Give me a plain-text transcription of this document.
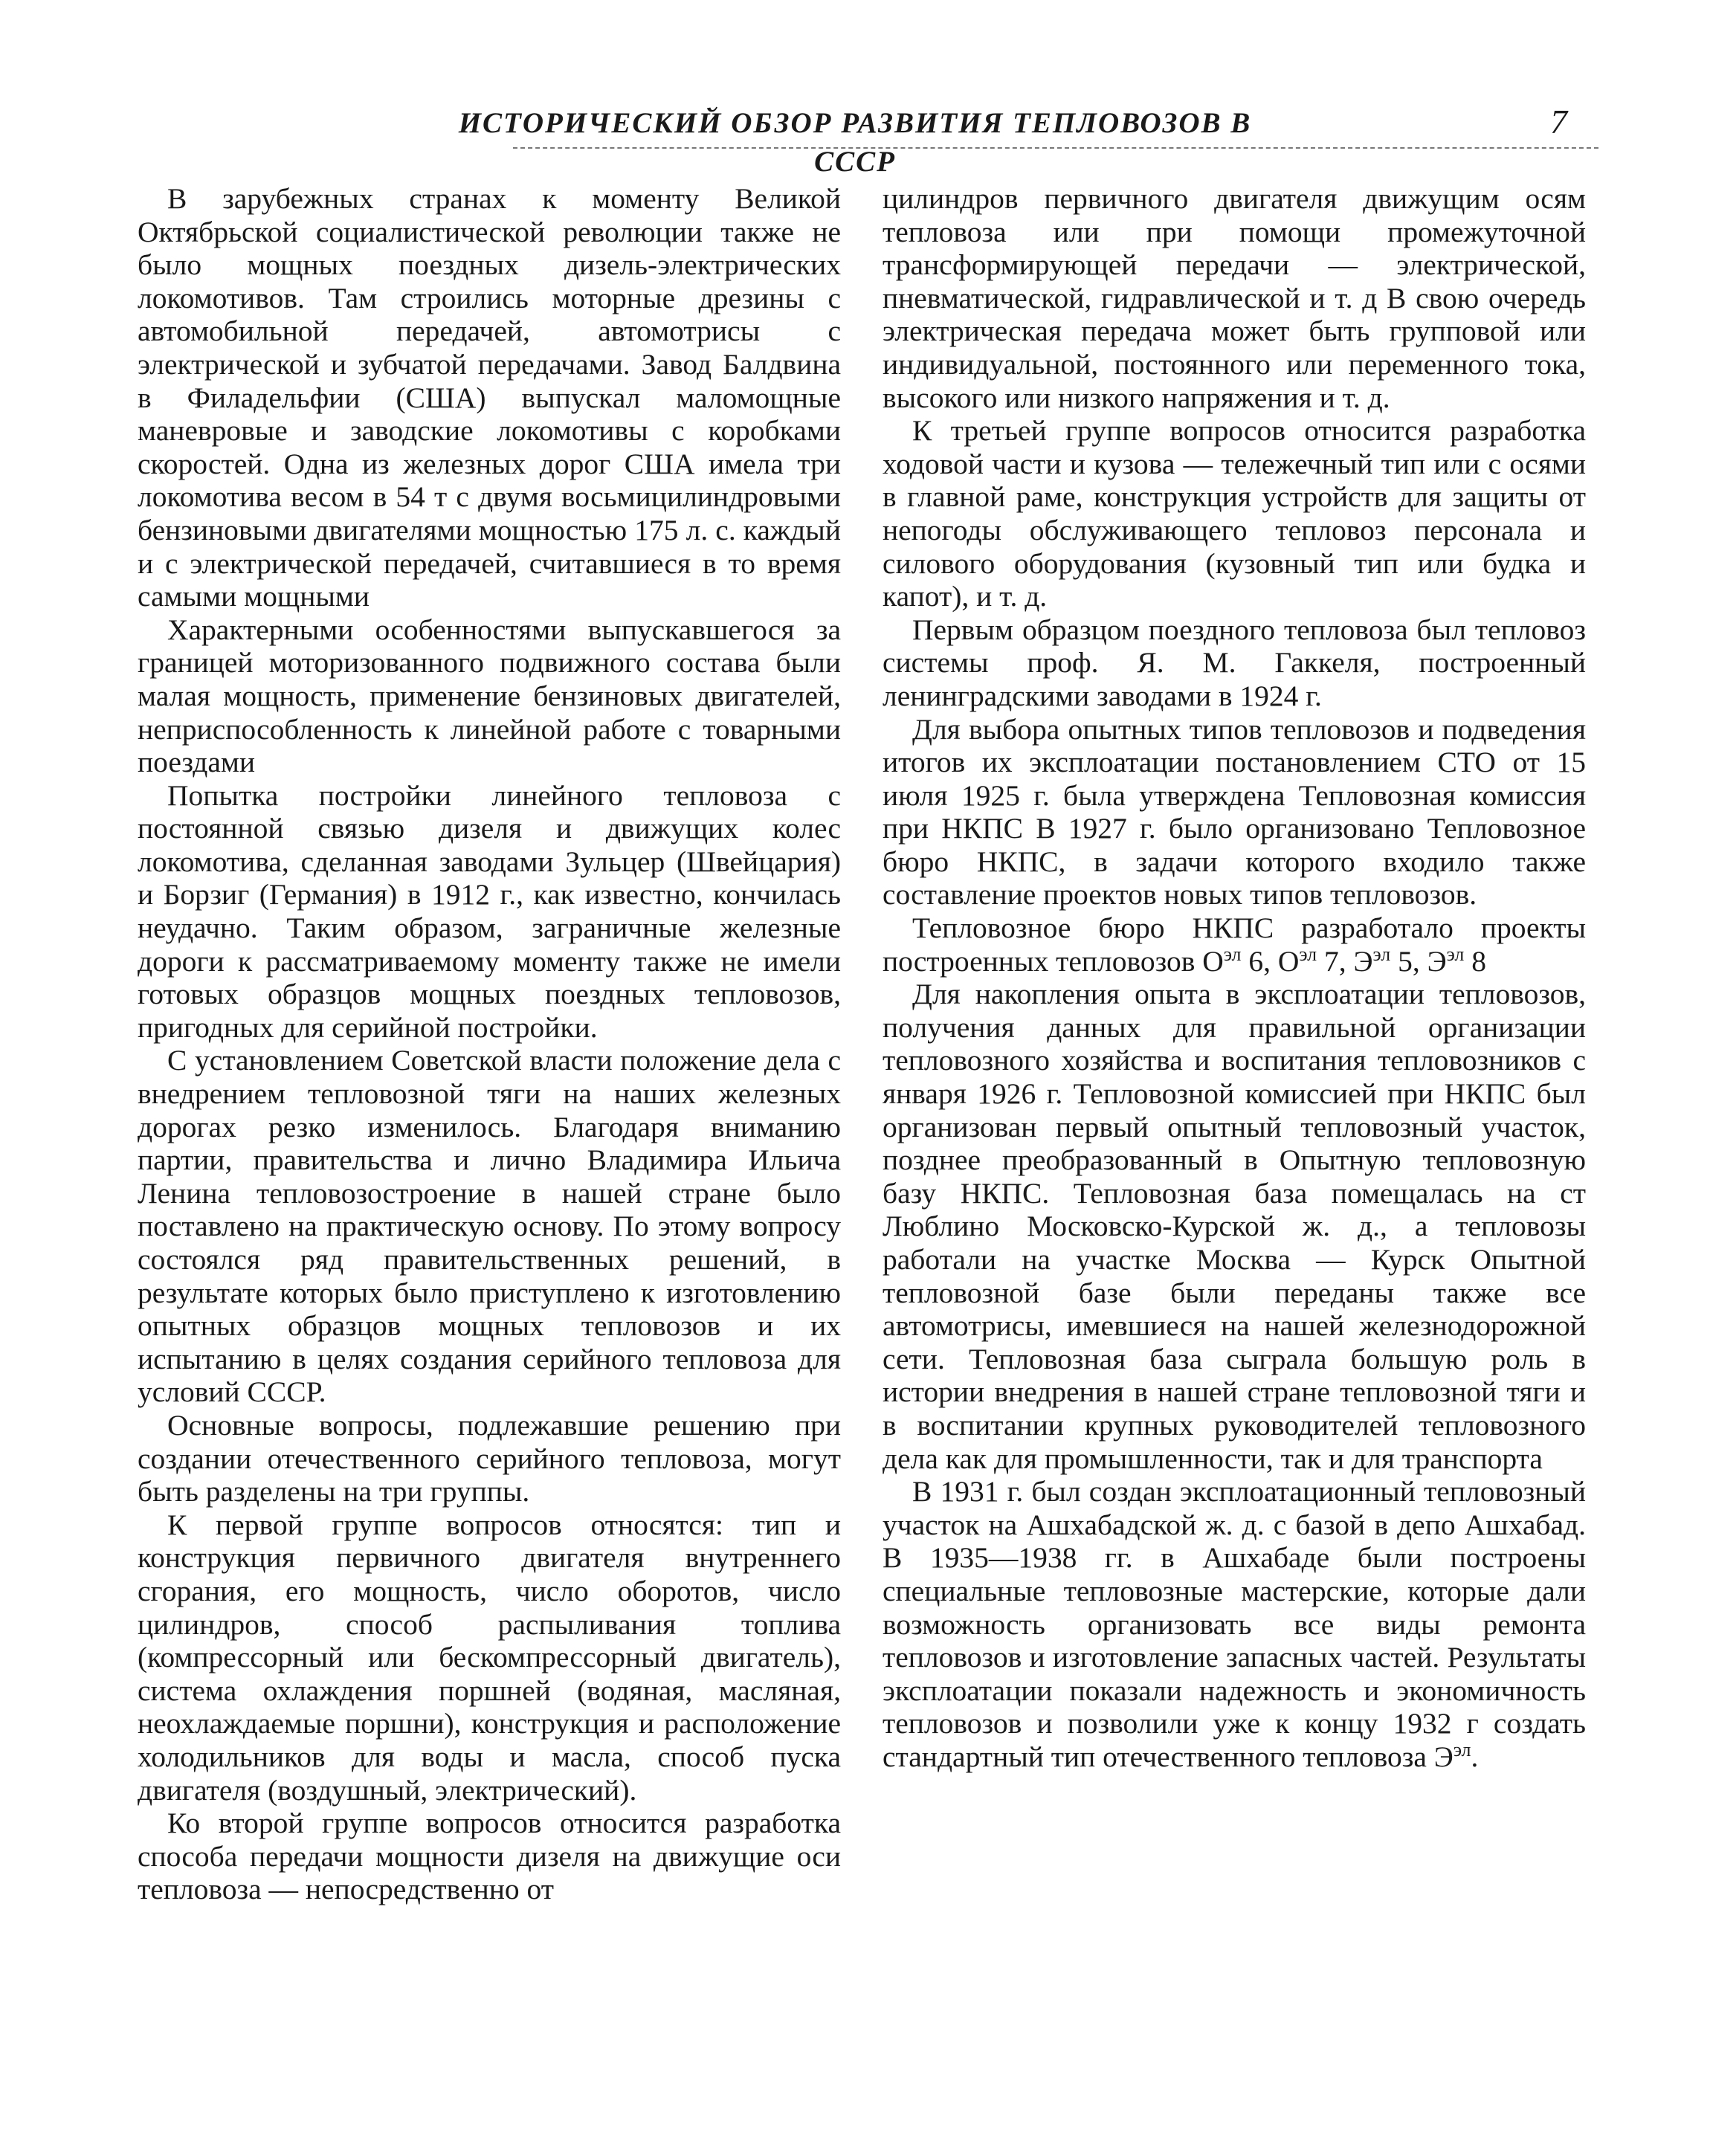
ИСТОРИЧЕСКИЙ ОБЗОР РАЗВИТИЯ ТЕПЛОВОЗОВ В СССР
7

В зарубежных странах к моменту Великой Октябрьской социалистической революции также не было мощных поездных дизель-электрических локомотивов. Там строились моторные дрезины с автомобильной передачей, автомотрисы с электрической и зубчатой передачами. Завод Балдвина в Филадельфии (США) выпускал маломощные маневровые и заводские локомотивы с коробками скоростей. Одна из железных дорог США имела три локомотива весом в 54 т с двумя восьмицилиндровыми бензиновыми двигателями мощностью 175 л. с. каждый и с электрической передачей, считавшиеся в то время самыми мощными

Характерными особенностями выпускавшегося за границей моторизованного подвижного состава были малая мощность, применение бензиновых двигателей, неприспособленность к линейной работе с товарными поездами

Попытка постройки линейного тепловоза с постоянной связью дизеля и движущих колес локомотива, сделанная заводами Зульцер (Швейцария) и Борзиг (Германия) в 1912 г., как известно, кончилась неудачно. Таким образом, заграничные железные дороги к рассматриваемому моменту также не имели готовых образцов мощных поездных тепловозов, пригодных для серийной постройки.

С установлением Советской власти положение дела с внедрением тепловозной тяги на наших железных дорогах резко изменилось. Благодаря вниманию партии, правительства и лично Владимира Ильича Ленина тепловозостроение в нашей стране было поставлено на практическую основу. По этому вопросу состоялся ряд правительственных решений, в результате которых было приступлено к изготовлению опытных образцов мощных тепловозов и их испытанию в целях создания серийного тепловоза для условий СССР.

Основные вопросы, подлежавшие решению при создании отечественного серийного тепловоза, могут быть разделены на три группы.

К первой группе вопросов относятся: тип и конструкция первичного двигателя внутреннего сгорания, его мощность, число оборотов, число цилиндров, способ распыливания топлива (компрессорный или бескомпрессорный двигатель), система охлаждения поршней (водяная, масляная, неохлаждаемые поршни), конструкция и расположение холодильников для воды и масла, способ пуска двигателя (воздушный, электрический).

Ко второй группе вопросов относится разработка способа передачи мощности дизеля на движущие оси тепловоза — непосредственно от

цилиндров первичного двигателя движущим осям тепловоза или при помощи промежуточной трансформирующей передачи — электрической, пневматической, гидравлической и т. д В свою очередь электрическая передача может быть групповой или индивидуальной, постоянного или переменного тока, высокого или низкого напряжения и т. д.

К третьей группе вопросов относится разработка ходовой части и кузова — тележечный тип или с осями в главной раме, конструкция устройств для защиты от непогоды обслуживающего тепловоз персонала и силового оборудования (кузовный тип или будка и капот), и т. д.

Первым образцом поездного тепловоза был тепловоз системы проф. Я. М. Гаккеля, построенный ленинградскими заводами в 1924 г.

Для выбора опытных типов тепловозов и подведения итогов их эксплоатации постановлением СТО от 15 июля 1925 г. была утверждена Тепловозная комиссия при НКПС В 1927 г. было организовано Тепловозное бюро НКПС, в задачи которого входило также составление проектов новых типов тепловозов.

Тепловозное бюро НКПС разработало проекты построенных тепловозов $О^{эл}$ 6, $О^{эл}$ 7, $Э^{эл}$ 5, $Э^{эл}$ 8

Для накопления опыта в эксплоатации тепловозов, получения данных для правильной организации тепловозного хозяйства и воспитания тепловозников с января 1926 г. Тепловозной комиссией при НКПС был организован первый опытный тепловозный участок, позднее преобразованный в Опытную тепловозную базу НКПС. Тепловозная база помещалась на ст Люблино Московско-Курской ж. д., а тепловозы работали на участке Москва — Курск Опытной тепловозной базе были переданы также все автомотрисы, имевшиеся на нашей железнодорожной сети. Тепловозная база сыграла большую роль в истории внедрения в нашей стране тепловозной тяги и в воспитании крупных руководителей тепловозного дела как для промышленности, так и для транспорта

В 1931 г. был создан эксплоатационный тепловозный участок на Ашхабадской ж. д. с базой в депо Ашхабад. В 1935—1938 гг. в Ашхабаде были построены специальные тепловозные мастерские, которые дали возможность организовать все виды ремонта тепловозов и изготовление запасных частей. Результаты эксплоатации показали надежность и экономичность тепловозов и позволили уже к концу 1932 г создать стандартный тип отечественного тепловоза $Э^{эл}$.
